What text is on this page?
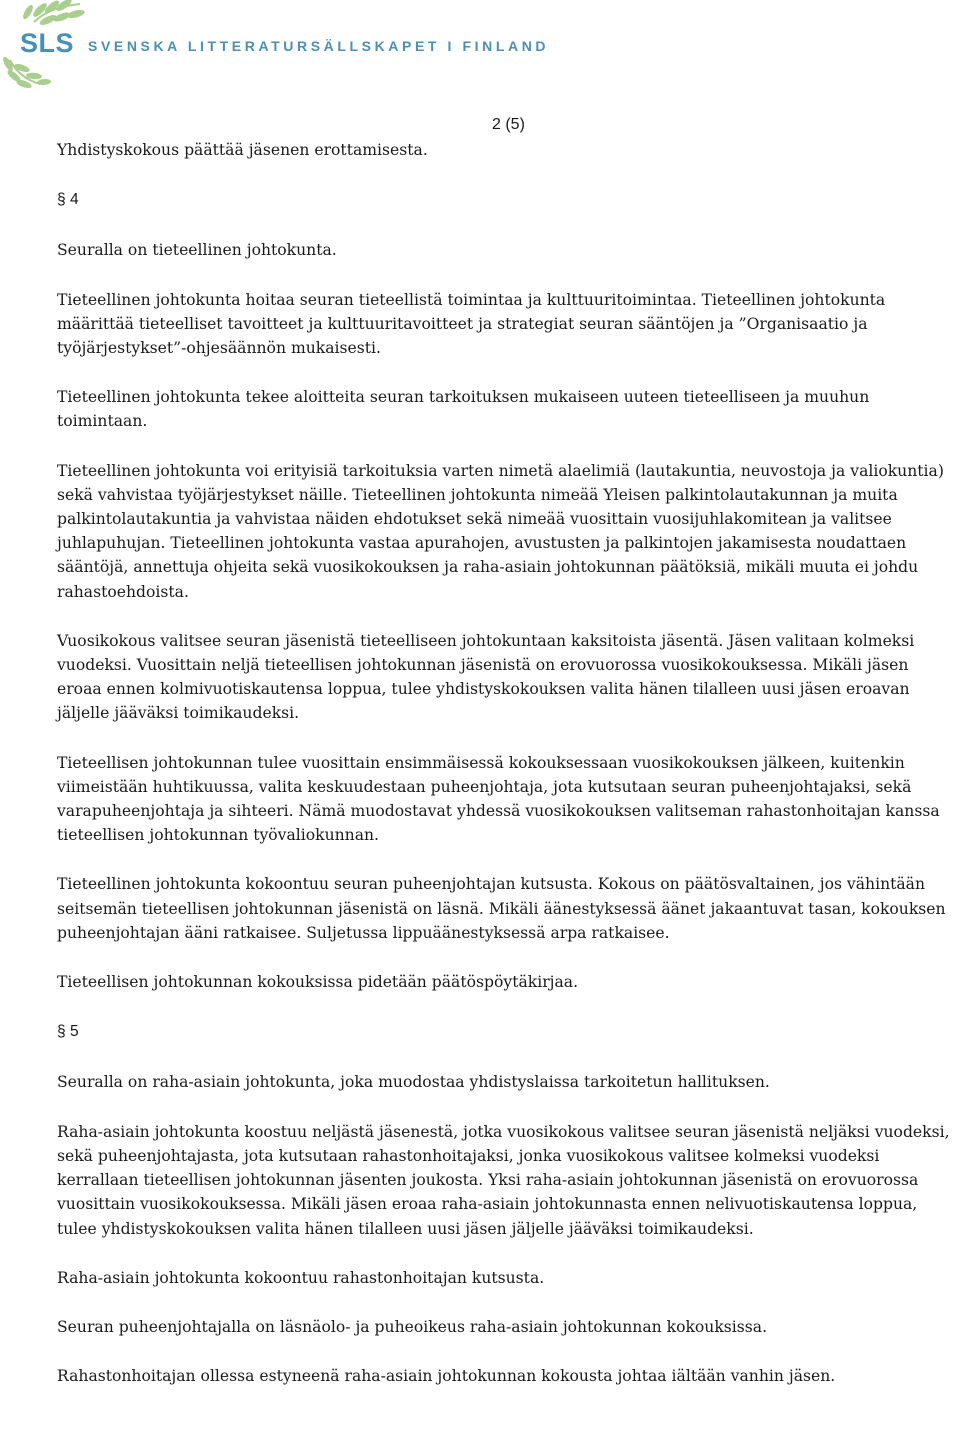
SLS SVENSKA LITTERATURSÄLLSKAPET I FINLAND
2 (5)

Yhdistyskokous päättää jäsenen erottamisesta.

§ 4

Seuralla on tieteellinen johtokunta.

Tieteellinen johtokunta hoitaa seuran tieteellistä toimintaa ja kulttuuritoimintaa. Tieteellinen johtokunta määrittää tieteelliset tavoitteet ja kulttuuritavoitteet ja strategiat seuran sääntöjen ja ”Organisaatio ja työjärjestykset”-ohjesäännön mukaisesti.

Tieteellinen johtokunta tekee aloitteita seuran tarkoituksen mukaiseen uuteen tieteelliseen ja muuhun toimintaan.

Tieteellinen johtokunta voi erityisiä tarkoituksia varten nimetä alaelimiä (lautakuntia, neuvostoja ja valiokuntia) sekä vahvistaa työjärjestykset näille. Tieteellinen johtokunta nimeää Yleisen palkintolautakunnan ja muita palkintolautakuntia ja vahvistaa näiden ehdotukset sekä nimeää vuosittain vuosijuhlakomitean ja valitsee juhlapuhujan. Tieteellinen johtokunta vastaa apurahojen, avustusten ja palkintojen jakamisesta noudattaen

sääntöjä, annettuja ohjeita sekä vuosikokouksen ja raha-asiain johtokunnan päätöksiä, mikäli muuta ei johdu rahastoehdoista.

Vuosikokous valitsee seuran jäsenistä tieteelliseen johtokuntaan kaksitoista jäsentä. Jäsen valitaan kolmeksi vuodeksi. Vuosittain neljä tieteellisen johtokunnan jäsenistä on erovuorossa vuosikokouksessa. Mikäli jäsen eroaa ennen kolmivuotiskautensa loppua, tulee yhdistyskokouksen valita hänen tilalleen uusi jäsen eroavan jäljelle jääväksi toimikaudeksi.

Tieteellisen johtokunnan tulee vuosittain ensimmäisessä kokouksessaan vuosikokouksen jälkeen, kuitenkin viimeistään huhtikuussa, valita keskuudestaan puheenjohtaja, jota kutsutaan seuran puheenjohtajaksi, sekä varapuheenjohtaja ja sihteeri. Nämä muodostavat yhdessä vuosikokouksen valitseman rahastonhoitajan kanssa tieteellisen johtokunnan työvaliokunnan.

Tieteellinen johtokunta kokoontuu seuran puheenjohtajan kutsusta. Kokous on päätösvaltainen, jos vähintään seitsemän tieteellisen johtokunnan jäsenistä on läsnä. Mikäli äänestyksessä äänet jakaantuvat tasan, kokouksen puheenjohtajan ääni ratkaisee. Suljetussa lippuäänestyksessä arpa ratkaisee.

Tieteellisen johtokunnan kokouksissa pidetään päätöspöytäkirjaa.

§ 5

Seuralla on raha-asiain johtokunta, joka muodostaa yhdistyslaissa tarkoitetun hallituksen.

Raha-asiain johtokunta koostuu neljästä jäsenestä, jotka vuosikokous valitsee seuran jäsenistä neljäksi vuodeksi, sekä puheenjohtajasta, jota kutsutaan rahastonhoitajaksi, jonka vuosikokous valitsee kolmeksi vuodeksi kerrallaan tieteellisen johtokunnan jäsenten joukosta. Yksi raha-asiain johtokunnan jäsenistä on erovuorossa vuosittain vuosikokouksessa. Mikäli jäsen eroaa raha-asiain johtokunnasta ennen nelivuotiskautensa loppua, tulee yhdistyskokouksen valita hänen tilalleen uusi jäsen jäljelle jääväksi toimikaudeksi.

Raha-asiain johtokunta kokoontuu rahastonhoitajan kutsusta.

Seuran puheenjohtajalla on läsnäolo- ja puheoikeus raha-asiain johtokunnan kokouksissa.

Rahastonhoitajan ollessa estyneenä raha-asiain johtokunnan kokousta johtaa iältään vanhin jäsen.
